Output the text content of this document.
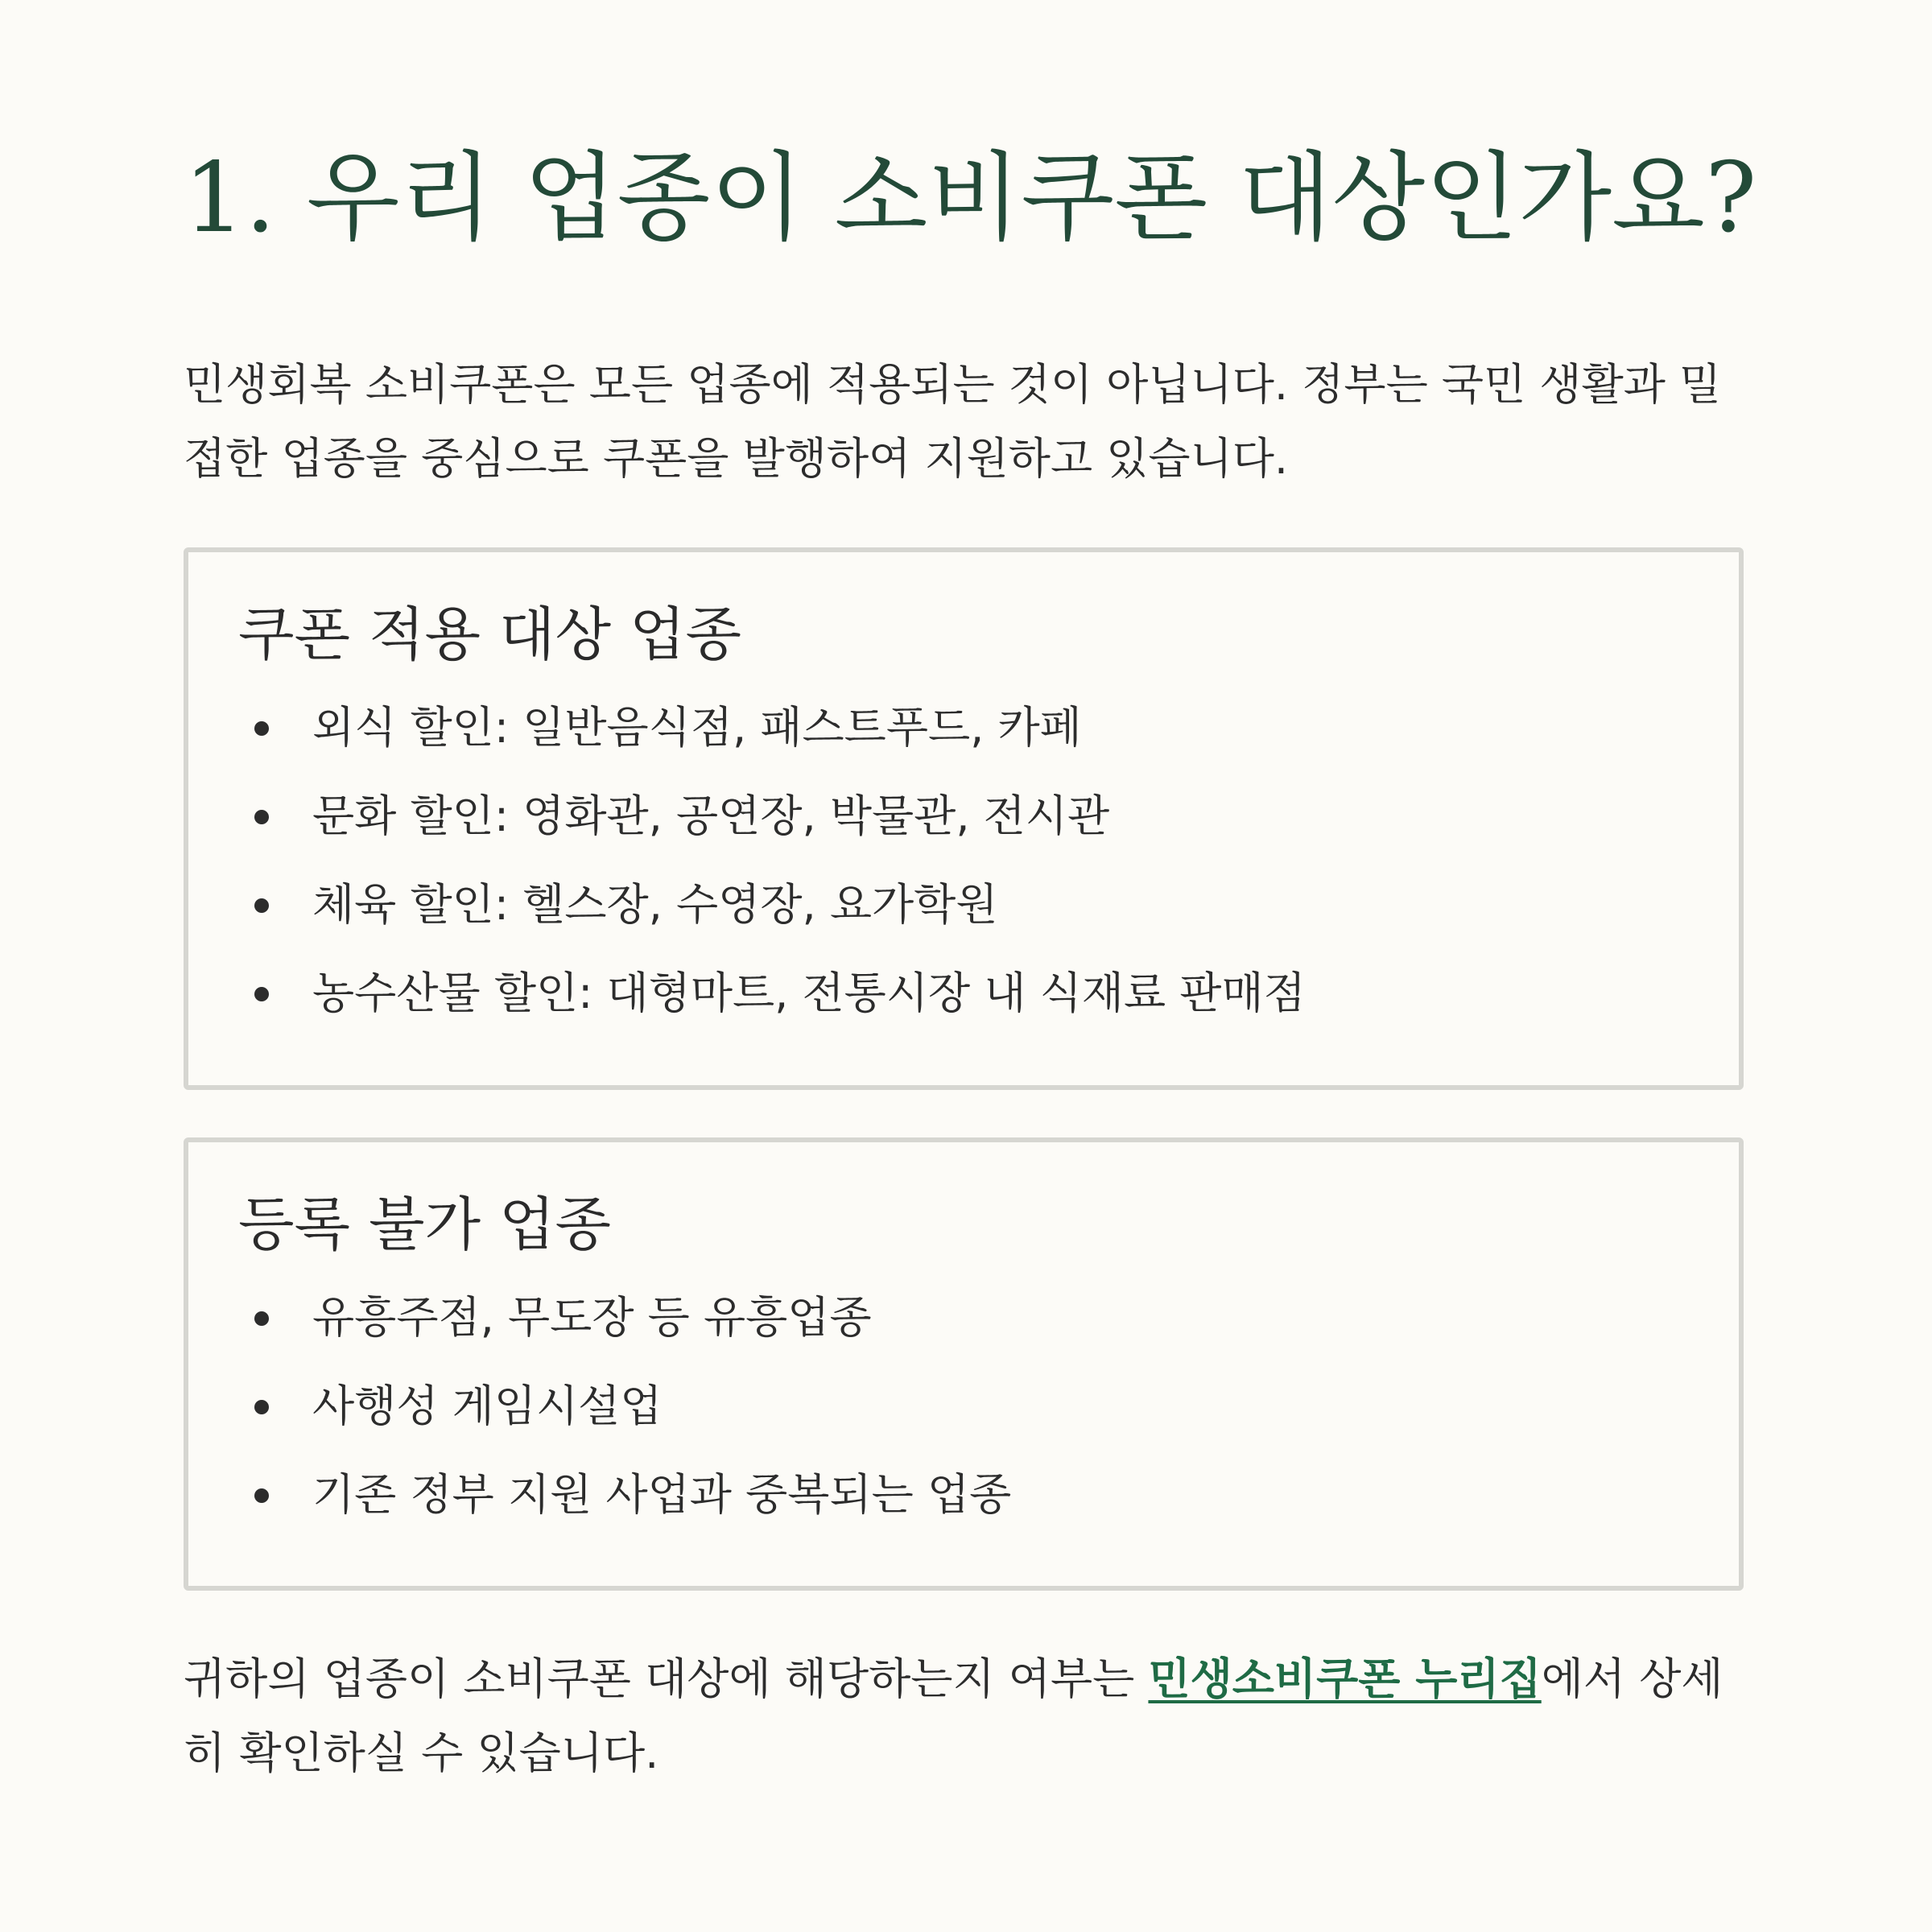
1. 우리 업종이 소비쿠폰 대상인가요?

민생회복 소비쿠폰은 모든 업종에 적용되는 것이 아닙니다. 정부는 국민 생활과 밀접한 업종을 중심으로 쿠폰을 발행하여 지원하고 있습니다.

쿠폰 적용 대상 업종
외식 할인: 일반음식점, 패스트푸드, 카페
문화 할인: 영화관, 공연장, 박물관, 전시관
체육 할인: 헬스장, 수영장, 요가학원
농수산물 할인: 대형마트, 전통시장 내 식재료 판매점
등록 불가 업종
유흥주점, 무도장 등 유흥업종
사행성 게임시설업
기존 정부 지원 사업과 중복되는 업종

귀하의 업종이 소비쿠폰 대상에 해당하는지 여부는 민생소비쿠폰 누리집에서 상세히 확인하실 수 있습니다.
